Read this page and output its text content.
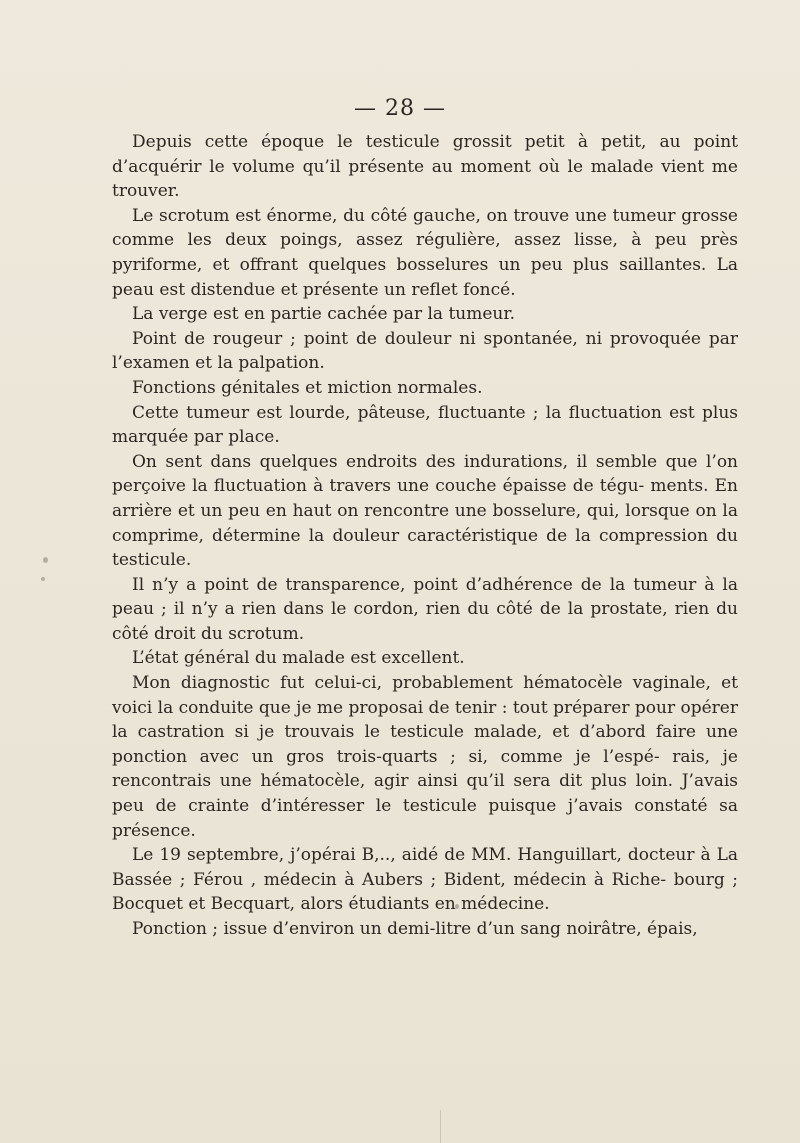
— 28 —

Depuis cette époque le testicule grossit petit à petit, au point d’acquérir le volume qu’il présente au moment où le malade vient me trouver.

Le scrotum est énorme, du côté gauche, on trouve une tumeur grosse comme les deux poings, assez régulière, assez lisse, à peu près pyriforme, et offrant quelques bosselures un peu plus saillantes. La peau est distendue et présente un reflet foncé.

La verge est en partie cachée par la tumeur.

Point de rougeur ; point de douleur ni spontanée, ni provoquée par l’examen et la palpation.

Fonctions génitales et miction normales.

Cette tumeur est lourde, pâteuse, fluctuante ; la fluctuation est plus marquée par place.

On sent dans quelques endroits des indurations, il semble que l’on perçoive la fluctuation à travers une couche épaisse de tégu- ments. En arrière et un peu en haut on rencontre une bosselure, qui, lorsque on la comprime, détermine la douleur caractéristique de la compression du testicule.

Il n’y a point de transparence, point d’adhérence de la tumeur à la peau ; il n’y a rien dans le cordon, rien du côté de la prostate, rien du côté droit du scrotum.

L’état général du malade est excellent.

Mon diagnostic fut celui-ci, probablement hématocèle vaginale, et voici la conduite que je me proposai de tenir : tout préparer pour opérer la castration si je trouvais le testicule malade, et d’abord faire une ponction avec un gros trois-quarts ; si, comme je l’espé- rais, je rencontrais une hématocèle, agir ainsi qu’il sera dit plus loin. J’avais peu de crainte d’intéresser le testicule puisque j’avais constaté sa présence.

Le 19 septembre, j’opérai B,.., aidé de MM. Hanguillart, docteur à La Bassée ; Férou , médecin à Aubers ; Bident, médecin à Riche- bourg ; Bocquet et Becquart, alors étudiants en médecine.

Ponction ; issue d’environ un demi-litre d’un sang noirâtre, épais,
